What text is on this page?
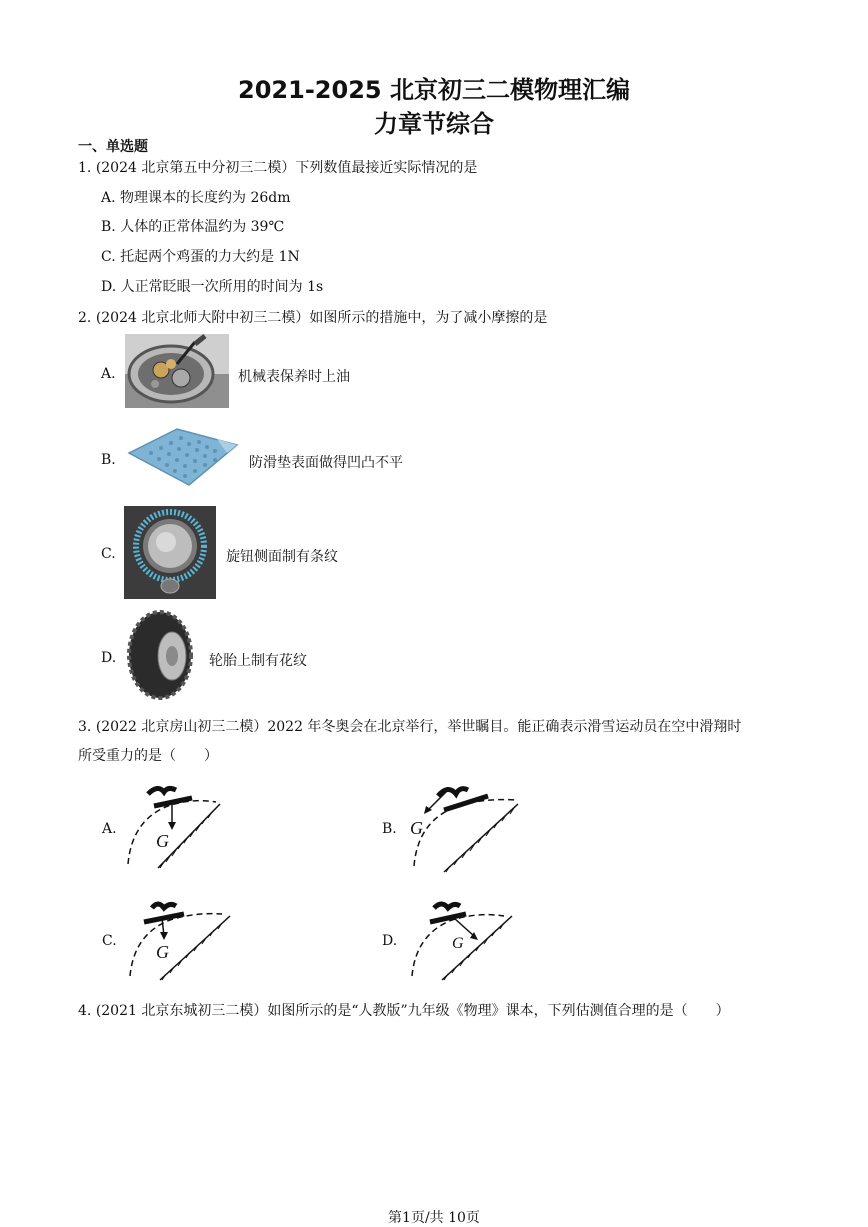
2021-2025 北京初三二模物理汇编
力章节综合
一、单选题
1. (2024 北京第五中分初三二模）下列数值最接近实际情况的是
A. 物理课本的长度约为 26dm
B. 人体的正常体温约为 39℃
C. 托起两个鸡蛋的力大约是 1N
D. 人正常眨眼一次所用的时间为 1s
2. (2024 北京北师大附中初三二模）如图所示的措施中，为了减小摩擦的是
A.	机械表保养时上油
B.	防滑垫表面做得凹凸不平
C.	旋钮侧面制有条纹
D.	轮胎上制有花纹
3. (2022 北京房山初三二模）2022 年冬奥会在北京举行，举世瞩目。能正确表示滑雪运动员在空中滑翔时
所受重力的是（　　）
A.
G
B. G
C.
G
D.	G
4. (2021 北京东城初三二模）如图所示的是“人教版”九年级《物理》课本，下列估测值合理的是（　　）
第1页/共 10页
